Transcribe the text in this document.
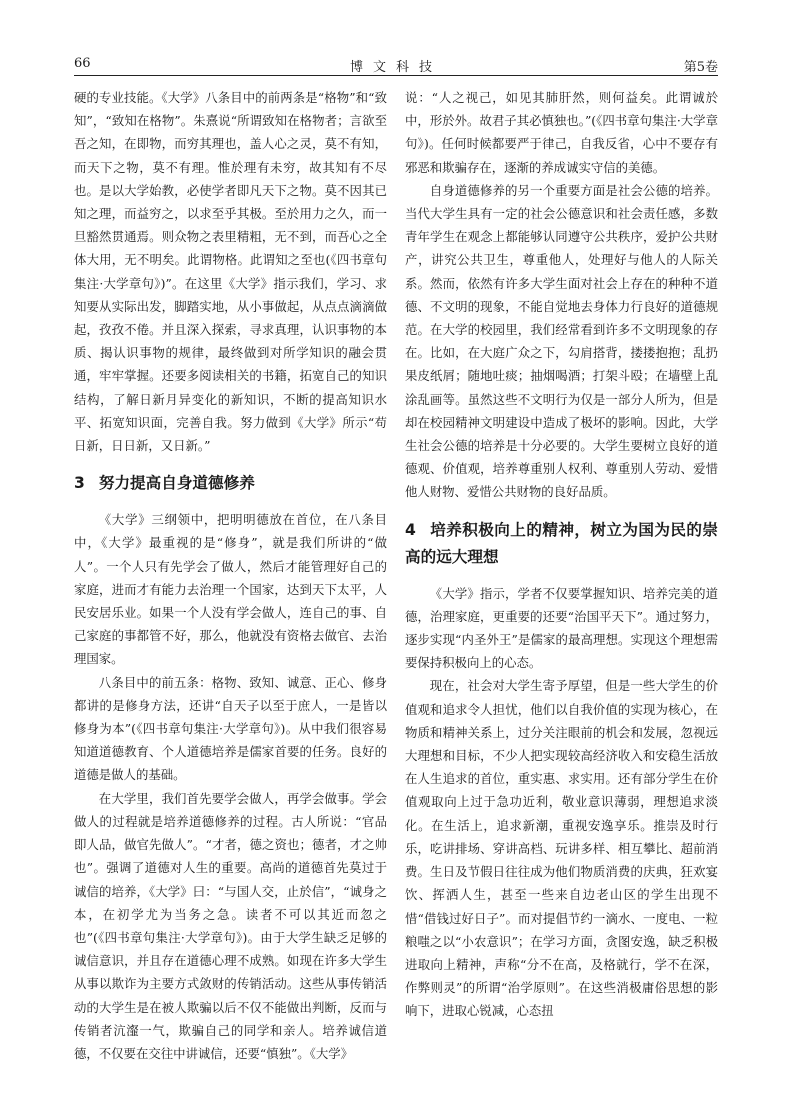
66	博文科技	第5卷

硬的专业技能。《大学》八条目中的前两条是“格物”和“致知”，“致知在格物”。朱熹说“所谓致知在格物者；言欲至吾之知，在即物，而穷其理也，盖人心之灵，莫不有知，而天下之物，莫不有理。惟於理有未穷，故其知有不尽也。是以大学始教，必使学者即凡天下之物。莫不因其已知之理，而益穷之，以求至乎其极。至於用力之久，而一旦豁然贯通焉。则众物之表里精粗，无不到，而吾心之全体大用，无不明矣。此谓物格。此谓知之至也(《四书章句集注·大学章句》)”。在这里《大学》指示我们，学习、求知要从实际出发，脚踏实地，从小事做起，从点点滴滴做起，孜孜不倦。并且深入探索，寻求真理，认识事物的本质、揭认识事物的规律，最终做到对所学知识的融会贯通，牢牢掌握。还要多阅读相关的书籍，拓宽自己的知识结构，了解日新月异变化的新知识，不断的提高知识水平、拓宽知识面，完善自我。努力做到《大学》所示“苟日新，日日新，又日新。”

3 努力提高自身道德修养

《大学》三纲领中，把明明德放在首位，在八条目中，《大学》最重视的是“修身”，就是我们所讲的“做人”。一个人只有先学会了做人，然后才能管理好自己的家庭，进而才有能力去治理一个国家，达到天下太平，人民安居乐业。如果一个人没有学会做人，连自己的事、自己家庭的事都管不好，那么，他就没有资格去做官、去治理国家。

八条目中的前五条：格物、致知、诚意、正心、修身都讲的是修身方法，还讲“自天子以至于庶人，一是皆以修身为本”(《四书章句集注·大学章句》)。从中我们很容易知道道德教育、个人道德培养是儒家首要的任务。良好的道德是做人的基础。

在大学里，我们首先要学会做人，再学会做事。学会做人的过程就是培养道德修养的过程。古人所说：“官品即人品，做官先做人”。“才者，德之资也；德者，才之帅也”。强调了道德对人生的重要。高尚的道德首先莫过于诚信的培养，《大学》曰：“与国人交，止於信”，“诚身之本，在初学尤为当务之急。读者不可以其近而忽之也”(《四书章句集注·大学章句》)。由于大学生缺乏足够的诚信意识，并且存在道德心理不成熟。如现在许多大学生从事以欺诈为主要方式敛财的传销活动。这些从事传销活动的大学生是在被人欺骗以后不仅不能做出判断，反而与传销者沆瀣一气，欺骗自己的同学和亲人。培养诚信道德，不仅要在交往中讲诚信，还要“慎独”。《大学》

说：“人之视己，如见其肺肝然，则何益矣。此谓诚於中，形於外。故君子其必慎独也。”(《四书章句集注·大学章句》)。任何时候都要严于律己，自我反省，心中不要存有邪恶和欺骗存在，逐渐的养成诚实守信的美德。

自身道德修养的另一个重要方面是社会公德的培养。当代大学生具有一定的社会公德意识和社会责任感，多数青年学生在观念上都能够认同遵守公共秩序，爱护公共财产，讲究公共卫生，尊重他人，处理好与他人的人际关系。然而，依然有许多大学生面对社会上存在的种种不道德、不文明的现象，不能自觉地去身体力行良好的道德规范。在大学的校园里，我们经常看到许多不文明现象的存在。比如，在大庭广众之下，勾肩搭背，搂搂抱抱；乱扔果皮纸屑；随地吐痰；抽烟喝酒；打架斗殴；在墙壁上乱涂乱画等。虽然这些不文明行为仅是一部分人所为，但是却在校园精神文明建设中造成了极坏的影响。因此，大学生社会公德的培养是十分必要的。大学生要树立良好的道德观、价值观，培养尊重别人权利、尊重别人劳动、爱惜他人财物、爱惜公共财物的良好品质。

4 培养积极向上的精神，树立为国为民的崇高的远大理想

《大学》指示，学者不仅要掌握知识、培养完美的道德，治理家庭，更重要的还要“治国平天下”。通过努力，逐步实现“内圣外王”是儒家的最高理想。实现这个理想需要保持积极向上的心态。

现在，社会对大学生寄予厚望，但是一些大学生的价值观和追求令人担忧，他们以自我价值的实现为核心，在物质和精神关系上，过分关注眼前的机会和发展，忽视远大理想和目标，不少人把实现较高经济收入和安稳生活放在人生追求的首位，重实惠、求实用。还有部分学生在价值观取向上过于急功近利，敬业意识薄弱，理想追求淡化。在生活上，追求新潮，重视安逸享乐。推崇及时行乐，吃讲排场、穿讲高档、玩讲多样、相互攀比、超前消费。生日及节假日往往成为他们物质消费的庆典，狂欢宴饮、挥洒人生，甚至一些来自边老山区的学生出现不惜“借钱过好日子”。而对提倡节约一滴水、一度电、一粒粮嗤之以“小农意识”；在学习方面，贪图安逸，缺乏积极进取向上精神，声称“分不在高，及格就行，学不在深，作弊则灵”的所谓“治学原则”。在这些消极庸俗思想的影响下，进取心锐减，心态扭
